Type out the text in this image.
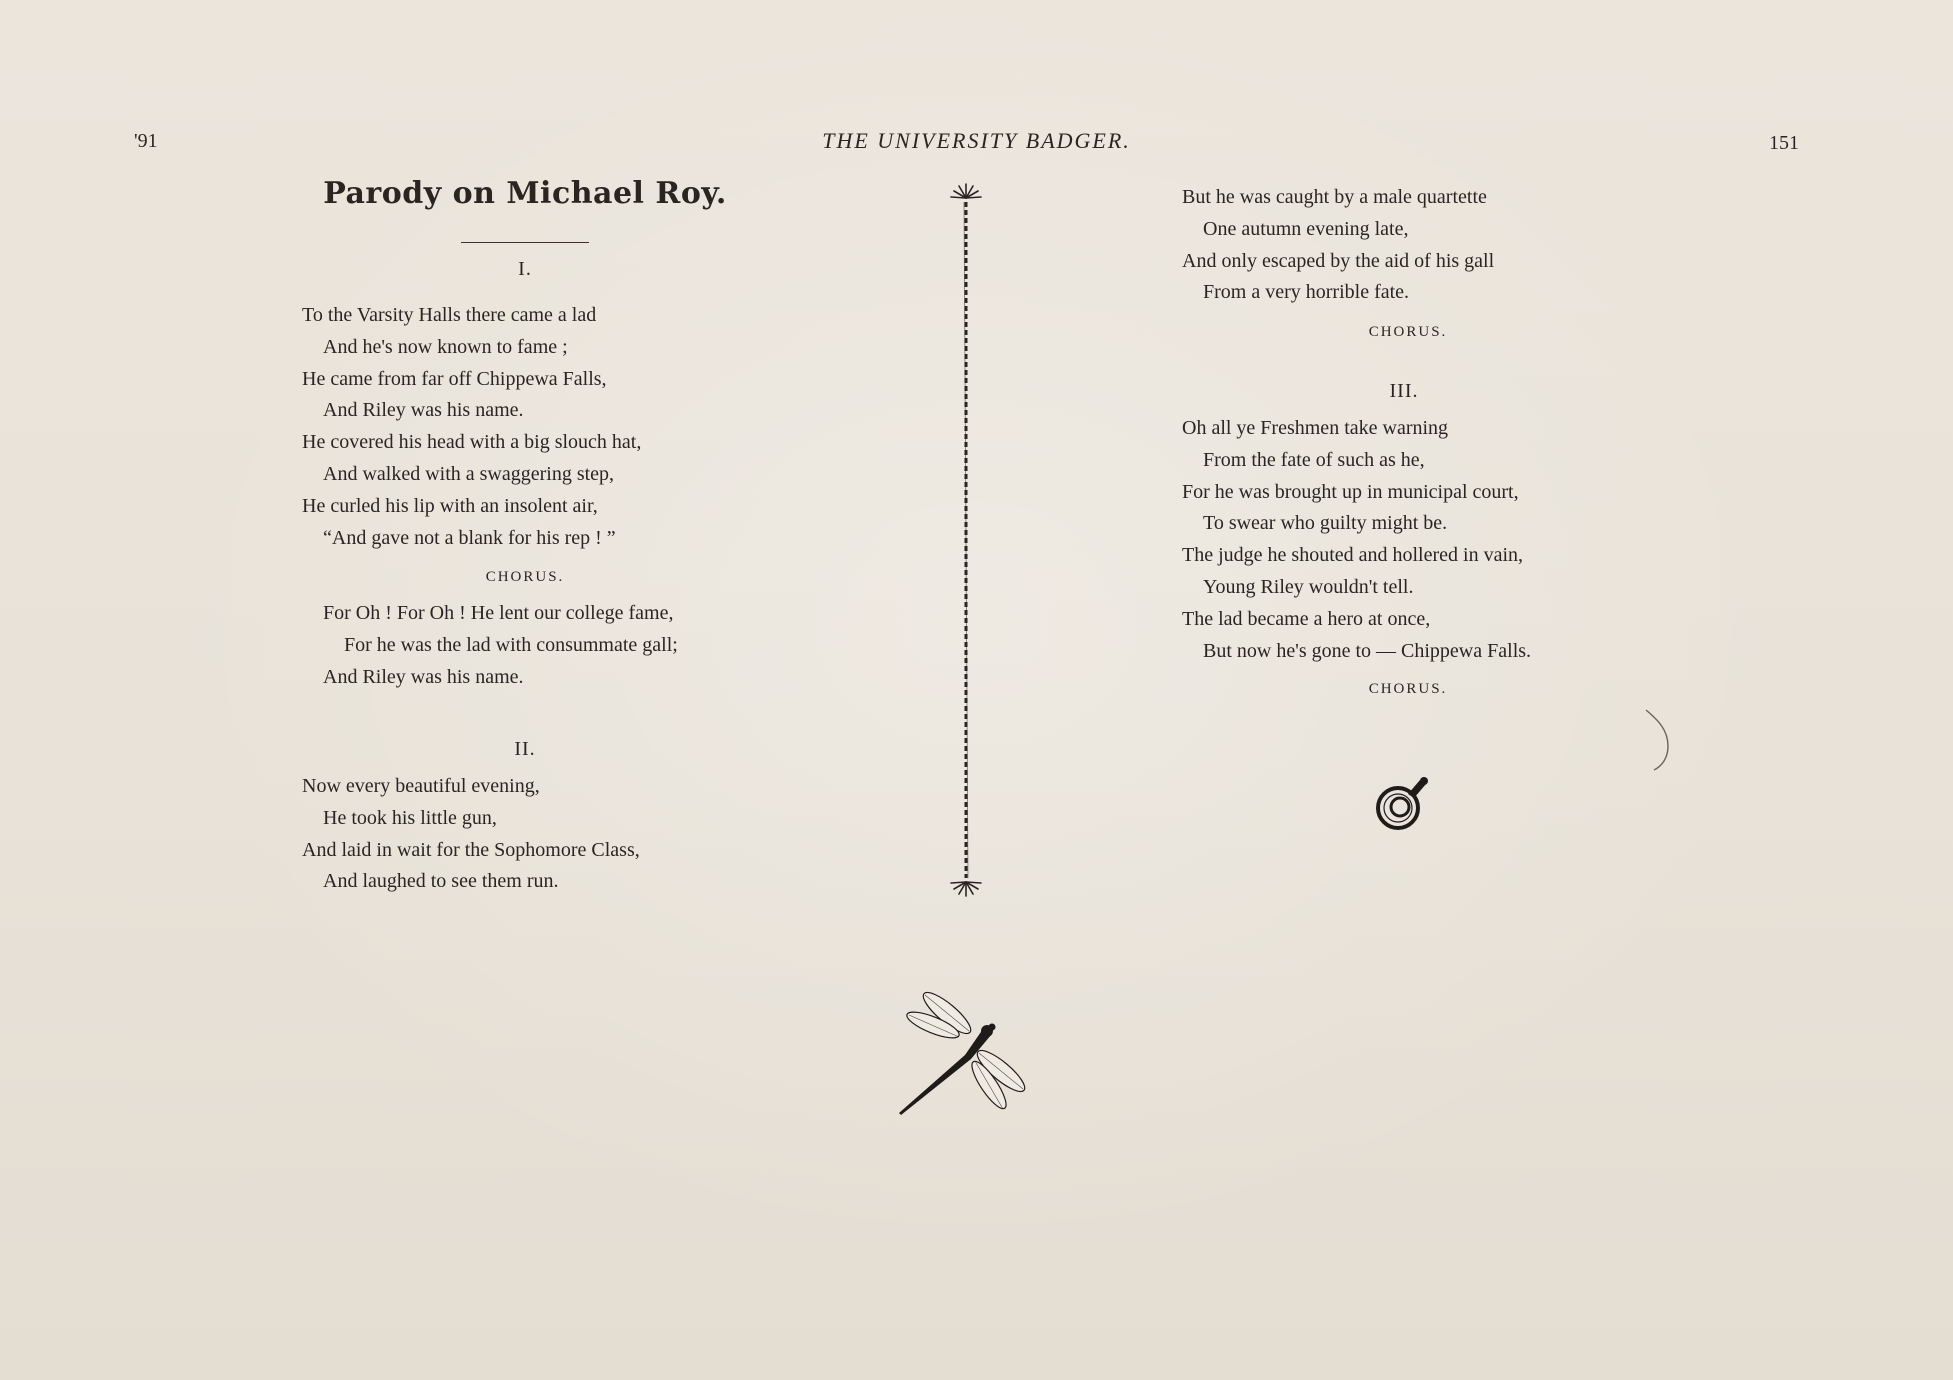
'91	THE UNIVERSITY BADGER.	151
Parody on Michael Roy.
I.
To the Varsity Halls there came a lad
And he's now known to fame ;
He came from far off Chippewa Falls,
And Riley was his name.
He covered his head with a big slouch hat,
And walked with a swaggering step,
He curled his lip with an insolent air,
“And gave not a blank for his rep ! ”
CHORUS.
For Oh ! For Oh ! He lent our college fame,
For he was the lad with consummate gall;
And Riley was his name.
II.
Now every beautiful evening,
He took his little gun,
And laid in wait for the Sophomore Class,
And laughed to see them run.
But he was caught by a male quartette
One autumn evening late,
And only escaped by the aid of his gall
From a very horrible fate.
CHORUS.
III.
Oh all ye Freshmen take warning
From the fate of such as he,
For he was brought up in municipal court,
To swear who guilty might be.
The judge he shouted and hollered in vain,
Young Riley wouldn't tell.
The lad became a hero at once,
But now he's gone to — Chippewa Falls.
CHORUS.
